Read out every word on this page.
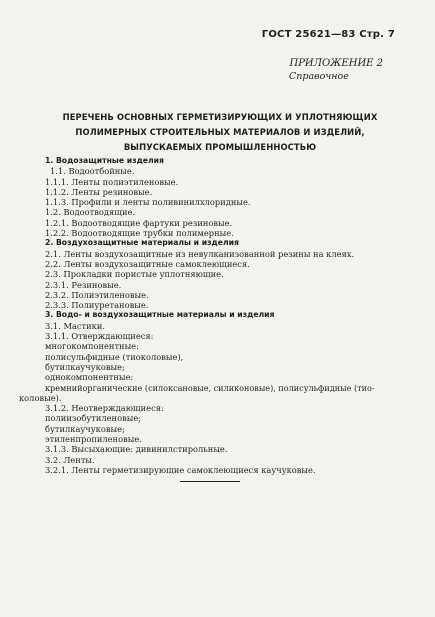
ГОСТ 25621—83 Стр. 7
ПРИЛОЖЕНИЕ 2
Справочное
ПЕРЕЧЕНЬ ОСНОВНЫХ ГЕРМЕТИЗИРУЮЩИХ И УПЛОТНЯЮЩИХ
ПОЛИМЕРНЫХ СТРОИТЕЛЬНЫХ МАТЕРИАЛОВ И ИЗДЕЛИЙ,
ВЫПУСКАЕМЫХ ПРОМЫШЛЕННОСТЬЮ
1. Водозащитные изделия
1.1. Водоотбойные.
1.1.1. Ленты полиэтиленовые.
1.1.2. Ленты резиновые.
1.1.3. Профили и ленты поливинилхлоридные.
1.2. Водоотводящие.
1.2.1. Водоотводящие фартуки резиновые.
1.2.2. Водоотводящие трубки полимерные.
2. Воздухозащитные материалы и изделия
2.1. Ленты воздухозащитные из невулканизованной резины на клеях.
2.2. Ленты воздухозащитные самоклеющиеся.
2.3. Прокладки пористые уплотняющие.
2.3.1. Резиновые.
2.3.2. Полиэтиленовые.
2.3.3. Полиуретановые.
3. Водо- и воздухозащитные материалы и изделия
3.1. Мастики.
3.1.1. Отверждающиеся:
многокомпонентные:
полисульфидные (тиоколовые),
бутилкаучуковые;
однокомпонентные:
кремнийорганические (силоксановые, силиконовые), полисульфидные (тио-
коловые).
3.1.2. Неотверждающиеся:
полиизобутиленовые;
бутилкаучуковые;
этиленпропиленовые.
3.1.3. Высыхающие: дивинилстирольные.
3.2. Ленты.
3.2.1. Ленты герметизирующие самоклеющиеся каучуковые.
